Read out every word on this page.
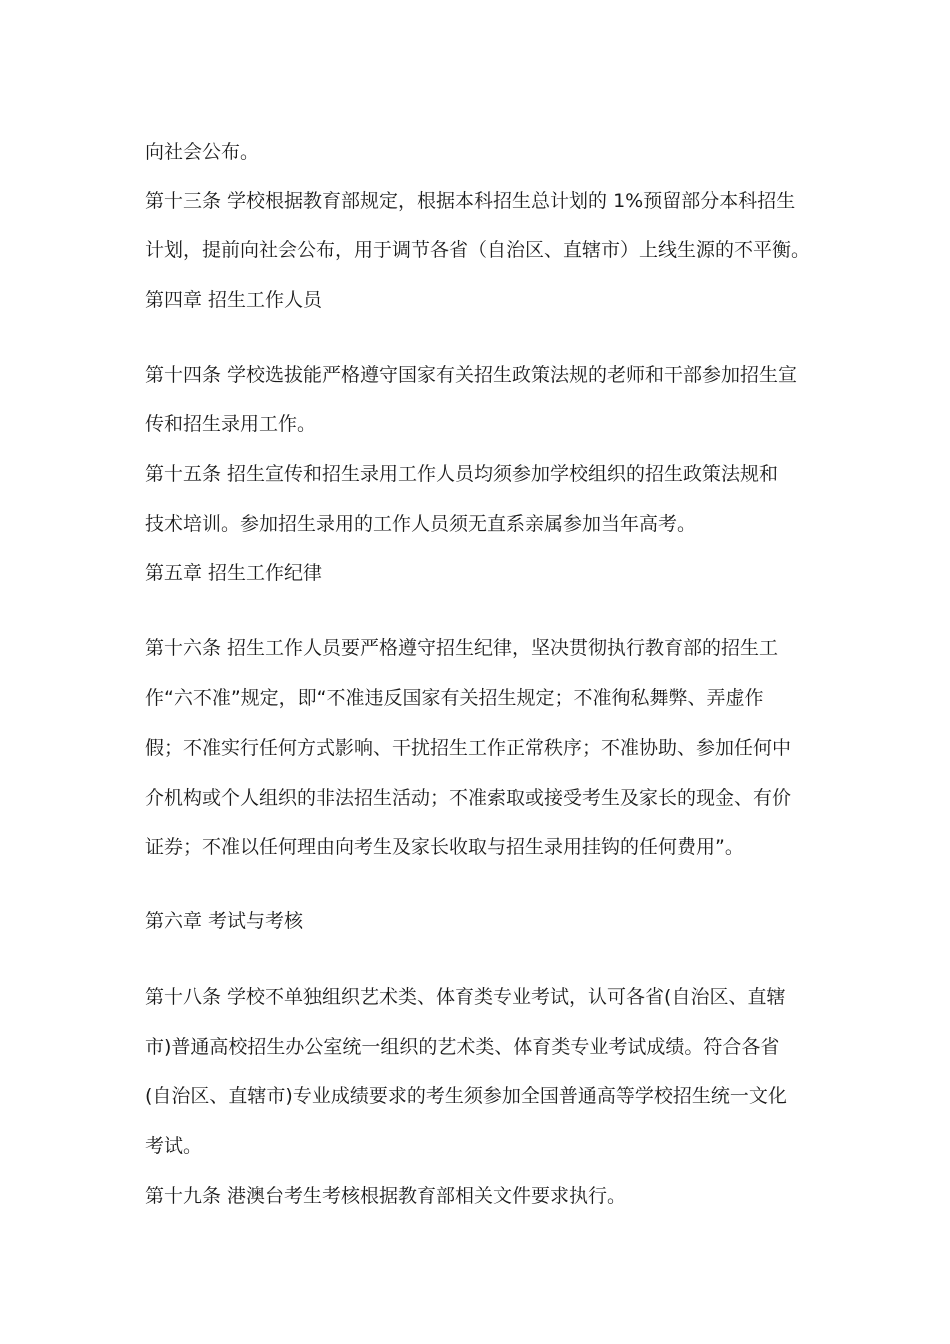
向社会公布。
第十三条 学校根据教育部规定，根据本科招生总计划的 1%预留部分本科招生
计划，提前向社会公布，用于调节各省（自治区、直辖市）上线生源的不平衡。
第四章 招生工作人员
第十四条 学校选拔能严格遵守国家有关招生政策法规的老师和干部参加招生宣
传和招生录用工作。
第十五条 招生宣传和招生录用工作人员均须参加学校组织的招生政策法规和
技术培训。参加招生录用的工作人员须无直系亲属参加当年高考。
第五章 招生工作纪律
第十六条 招生工作人员要严格遵守招生纪律，坚决贯彻执行教育部的招生工
作“六不准”规定，即“不准违反国家有关招生规定；不准徇私舞弊、弄虚作
假；不准实行任何方式影响、干扰招生工作正常秩序；不准协助、参加任何中
介机构或个人组织的非法招生活动；不准索取或接受考生及家长的现金、有价
证券；不准以任何理由向考生及家长收取与招生录用挂钩的任何费用”。
第六章 考试与考核
第十八条 学校不单独组织艺术类、体育类专业考试，认可各省(自治区、直辖
市)普通高校招生办公室统一组织的艺术类、体育类专业考试成绩。符合各省
(自治区、直辖市)专业成绩要求的考生须参加全国普通高等学校招生统一文化
考试。
第十九条 港澳台考生考核根据教育部相关文件要求执行。
